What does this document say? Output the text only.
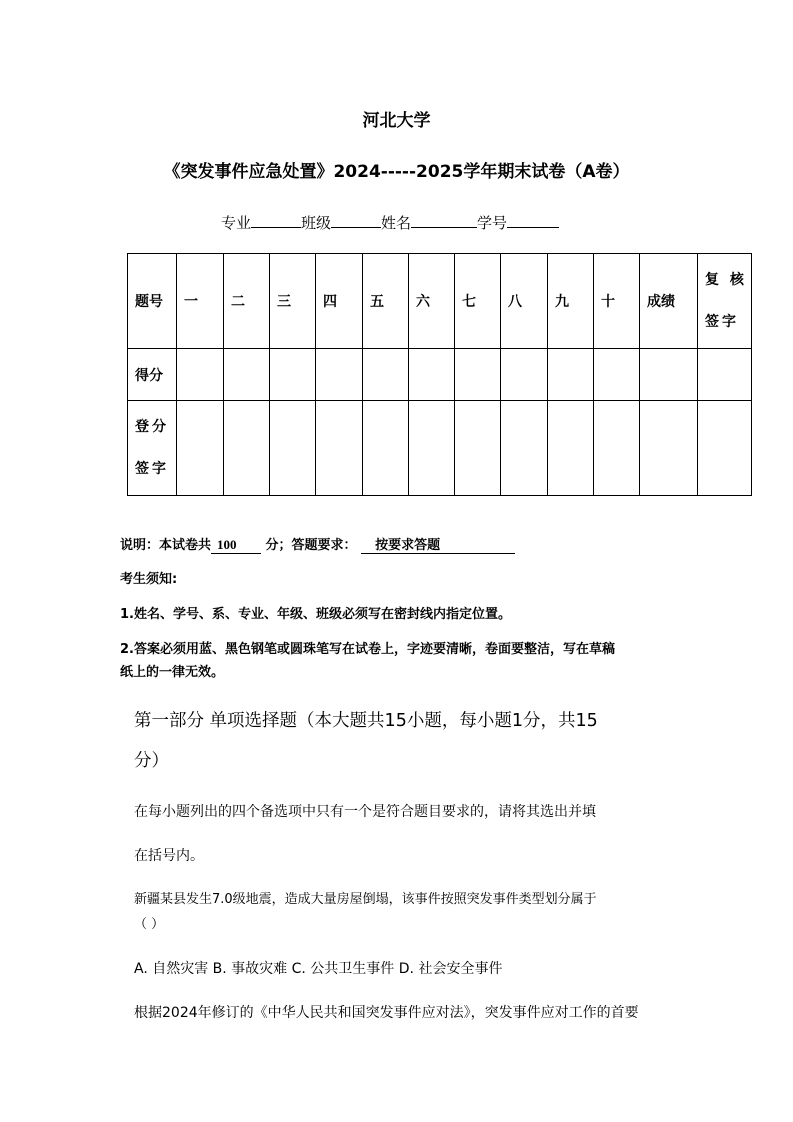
河北大学
《突发事件应急处置》2024-----2025学年期末试卷（A卷）
专业	班级	姓名	学号
题号	一	二	三	四	五	六	七	八	九	十	成绩	复 核 签字
得分												
登分 签字												
说明：本试卷共 100 分；答题要求： 按要求答题
考生须知:
1.姓名、学号、系、专业、年级、班级必须写在密封线内指定位置。
2.答案必须用蓝、黑色钢笔或圆珠笔写在试卷上，字迹要清晰，卷面要整洁，写在草稿
纸上的一律无效。
第一部分 单项选择题（本大题共15小题，每小题1分，共15
分）
在每小题列出的四个备选项中只有一个是符合题目要求的，请将其选出并填
在括号内。
新疆某县发生7.0级地震，造成大量房屋倒塌，该事件按照突发事件类型划分属于
（ ）
A. 自然灾害 B. 事故灾难 C. 公共卫生事件 D. 社会安全事件
根据2024年修订的《中华人民共和国突发事件应对法》，突发事件应对工作的首要
